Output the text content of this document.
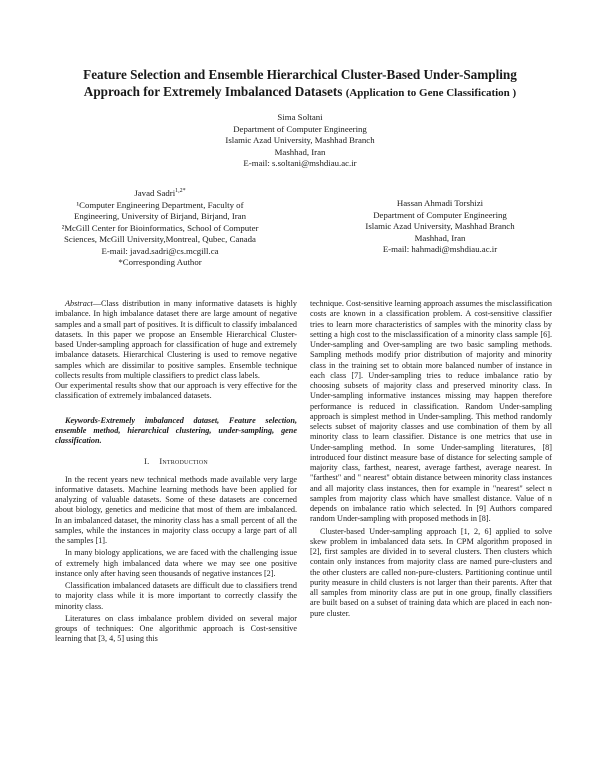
Feature Selection and Ensemble Hierarchical Cluster-Based Under-Sampling
Approach for Extremely Imbalanced Datasets (Application to Gene Classification )
Sima Soltani
Department of Computer Engineering
Islamic Azad University, Mashhad Branch
Mashhad, Iran
E-mail: s.soltani@mshdiau.ac.ir
Javad Sadri$^{1,2*}$
¹Computer Engineering Department, Faculty of
Engineering, University of Birjand, Birjand, Iran
²McGill Center for Bioinformatics, School of Computer
Sciences, McGill University,Montreal, Qubec, Canada
E-mail: javad.sadri@cs.mcgill.ca
*Corresponding Author
Hassan Ahmadi Torshizi
Department of Computer Engineering
Islamic Azad University, Mashhad Branch
Mashhad, Iran
E-mail: hahmadi@mshdiau.ac.ir

Abstract—Class distribution in many informative datasets is highly imbalance. In high imbalance dataset there are large amount of negative samples and a small part of positives. It is difficult to classify imbalanced datasets. In this paper we propose an Ensemble Hierarchical Cluster-based Under-sampling approach for classification of huge and extremely imbalance datasets. Hierarchical Clustering is used to remove negative samples which are dissimilar to positive samples. Ensemble technique collects results from multiple classifiers to predict class labels.

Our experimental results show that our approach is very effective for the classification of extremely imbalanced datasets.

Keywords-Extremely imbalanced dataset, Feature selection, ensemble method, hierarchical clustering, under-sampling, gene classification.

I. Introduction

In the recent years new technical methods made available very large informative datasets. Machine learning methods have been applied for analyzing of valuable datasets. Some of these datasets are concerned about biology, genetics and medicine that most of them are imbalanced. In an imbalanced dataset, the minority class has a small percent of all the samples, while the instances in majority class occupy a large part of all the samples [1].

In many biology applications, we are faced with the challenging issue of extremely high imbalanced data where we may see one positive instance only after having seen thousands of negative instances [2].

Classification imbalanced datasets are difficult due to classifiers trend to majority class while it is more important to correctly classify the minority class.

Literatures on class imbalance problem divided on several major groups of techniques: One algorithmic approach is Cost-sensitive learning that [3, 4, 5] using this

technique. Cost-sensitive learning approach assumes the misclassification costs are known in a classification problem. A cost-sensitive classifier tries to learn more characteristics of samples with the minority class by setting a high cost to the misclassification of a minority class sample [6]. Under-sampling and Over-sampling are two basic sampling methods. Sampling methods modify prior distribution of majority and minority class in the training set to obtain more balanced number of instance in each class [7]. Under-sampling tries to reduce imbalance ratio by choosing subsets of majority class and preserved minority class. In Under-sampling informative instances missing may happen therefore performance is reduced in classification. Random Under-sampling approach is simplest method in Under-sampling. This method randomly selects subset of majority classes and use combination of them by all minority class to learn classifier. Distance is one metrics that use in Under-sampling method. In some Under-sampling literatures, [8] introduced four distinct measure base of distance for selecting sample of majority class, farthest, nearest, average farthest, average nearest. In "farthest" and " nearest" obtain distance between minority class instances and all majority class instances, then for example in "nearest" select n samples from majority class which have smallest distance. Value of n depends on imbalance ratio which selected. In [9] Authors compared random Under-sampling with proposed methods in [8].

Cluster-based Under-sampling approach [1, 2, 6] applied to solve skew problem in imbalanced data sets. In CPM algorithm proposed in [2], first samples are divided in to several clusters. Then clusters which contain only instances from majority class are named pure-clusters and the other clusters are called non-pure-clusters. Partitioning continue until purity measure in child clusters is not larger than their parents. After that all samples from minority class are put in one group, finally classifiers are built based on a subset of training data which are placed in each non-pure cluster.
